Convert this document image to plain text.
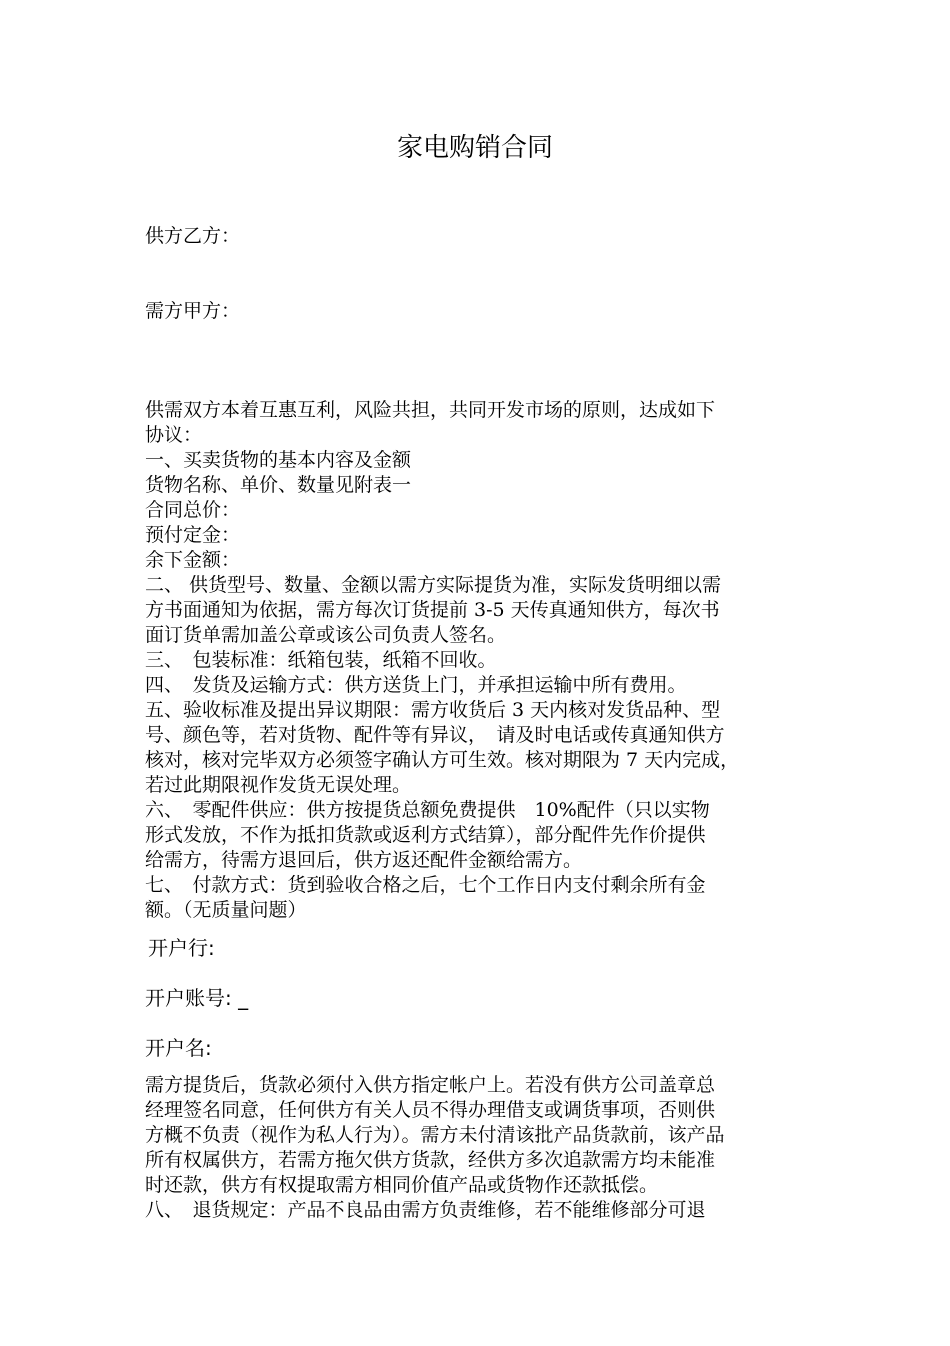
家电购销合同
供方乙方：
需方甲方：
供需双方本着互惠互利，风险共担，共同开发市场的原则，达成如下
协议：
一、买卖货物的基本内容及金额
货物名称、单价、数量见附表一
合同总价：
预付定金：
余下金额：
二、 供货型号、数量、金额以需方实际提货为准，实际发货明细以需
方书面通知为依据，需方每次订货提前 3-5 天传真通知供方，每次书
面订货单需加盖公章或该公司负责人签名。
三、　包装标准：纸箱包装，纸箱不回收。
四、　发货及运输方式：供方送货上门，并承担运输中所有费用。
五、验收标准及提出异议期限：需方收货后 3 天内核对发货品种、型
号、颜色等，若对货物、配件等有异议，　请及时电话或传真通知供方
核对，核对完毕双方必须签字确认方可生效。核对期限为 7 天内完成，
若过此期限视作发货无误处理。
六、　零配件供应：供方按提货总额免费提供　10%配件（只以实物
形式发放，不作为抵扣货款或返利方式结算），部分配件先作价提供
给需方，待需方退回后，供方返还配件金额给需方。
七、　付款方式：货到验收合格之后，七个工作日内支付剩余所有金
额。（无质量问题）
开户行:
开户账号: _
开户名:
需方提货后，货款必须付入供方指定帐户上。若没有供方公司盖章总
经理签名同意，任何供方有关人员不得办理借支或调货事项，否则供
方概不负责（视作为私人行为）。需方未付清该批产品货款前，该产品
所有权属供方，若需方拖欠供方货款，经供方多次追款需方均未能准
时还款，供方有权提取需方相同价值产品或货物作还款抵偿。
八、　退货规定：产品不良品由需方负责维修，若不能维修部分可退
